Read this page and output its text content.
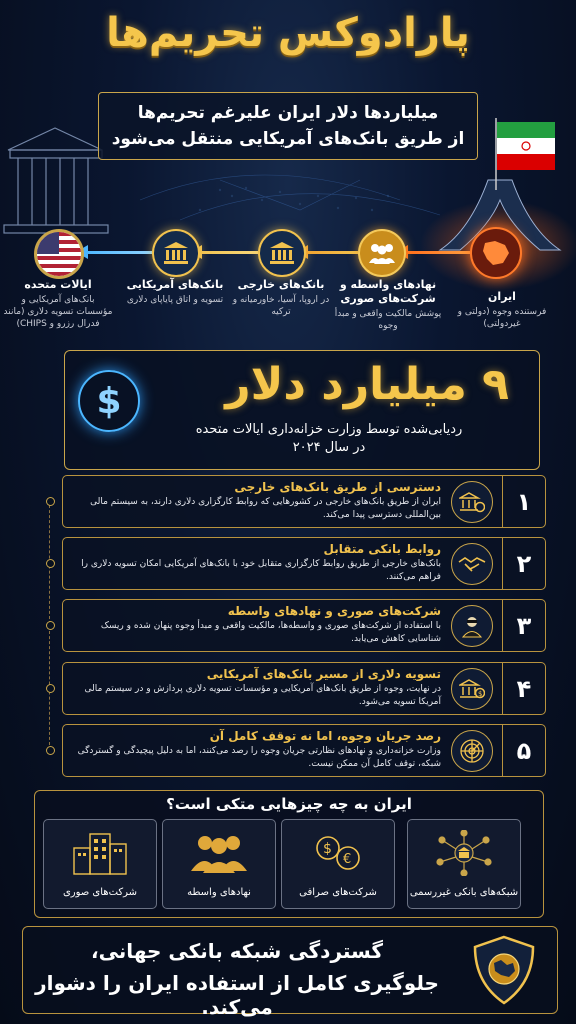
پارادوکس تحریم‌ها
میلیاردها دلار ایران علیرغم تحریم‌ها
از طریق بانک‌های آمریکایی منتقل می‌شود
ایالات متحده
بانک‌های آمریکایی و مؤسسات تسویه دلاری (مانند فدرال رزرو و CHIPS)
بانک‌های آمریکایی
تسویه و اتاق پایاپای دلاری
بانک‌های خارجی
در اروپا، آسیا، خاورمیانه و ترکیه
نهادهای واسطه و شرکت‌های صوری
پوشش مالکیت واقعی و مبدأ وجوه
ایران
فرستنده وجوه (دولتی و غیردولتی)
۹ میلیارد دلار
ردیابی‌شده توسط وزارت خزانه‌داری ایالات متحده
در سال ۲۰۲۴
$
۱
دسترسی از طریق بانک‌های خارجی
ایران از طریق بانک‌های خارجی در کشورهایی که روابط کارگزاری دلاری دارند، به سیستم مالی بین‌المللی دسترسی پیدا می‌کند.
۲
روابط بانکی متقابل
بانک‌های خارجی از طریق روابط کارگزاری متقابل خود با بانک‌های آمریکایی امکان تسویه دلاری را فراهم می‌کنند.
۳
شرکت‌های صوری و نهادهای واسطه
با استفاده از شرکت‌های صوری و واسطه‌ها، مالکیت واقعی و مبدأ وجوه پنهان شده و ریسک شناسایی کاهش می‌یابد.
۴
$
تسویه دلاری از مسیر بانک‌های آمریکایی
در نهایت، وجوه از طریق بانک‌های آمریکایی و مؤسسات تسویه دلاری پردازش و در سیستم مالی آمریکا تسویه می‌شود.
۵
رصد جریان وجوه، اما نه توقف کامل آن
وزارت خزانه‌داری و نهادهای نظارتی جریان وجوه را رصد می‌کنند، اما به دلیل پیچیدگی و گستردگی شبکه، توقف کامل آن ممکن نیست.
ایران به چه چیزهایی متکی است؟
شبکه‌های بانکی غیررسمی
$
€
شرکت‌های صرافی
نهادهای واسطه
شرکت‌های صوری
گستردگی شبکه بانکی جهانی،
جلوگیری کامل از استفاده ایران را دشوار می‌کند.
